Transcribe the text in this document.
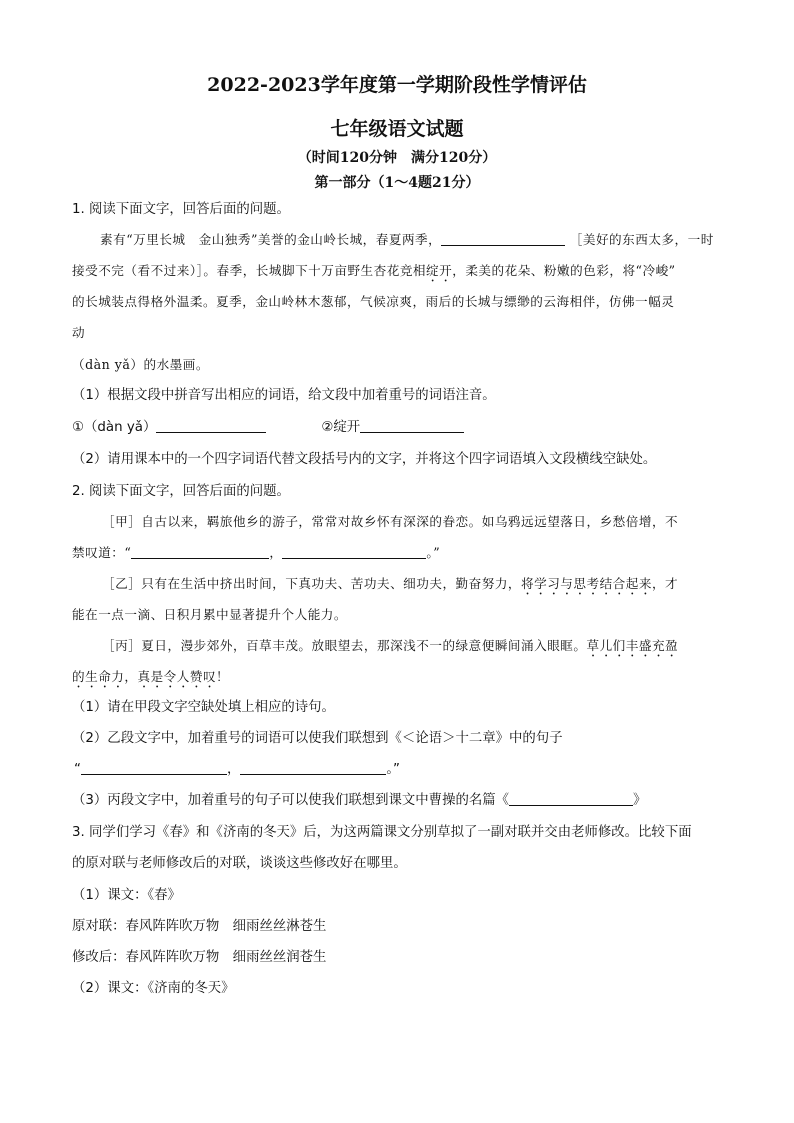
2022-2023学年度第一学期阶段性学情评估
七年级语文试题
（时间120分钟　满分120分）
第一部分（1～4题21分）
1. 阅读下面文字，回答后面的问题。
素有“万里长城　金山独秀”美誉的金山岭长城，春夏两季，	［美好的东西太多，一时
接受不完（看不过来）］。春季，长城脚下十万亩野生杏花竞相绽开，柔美的花朵、粉嫩的色彩，将“冷峻”
的长城装点得格外温柔。夏季，金山岭林木葱郁，气候凉爽，雨后的长城与缥缈的云海相伴，仿佛一幅灵
动
（dàn yǎ）的水墨画。
（1）根据文段中拼音写出相应的词语，给文段中加着重号的词语注音。
①（dàn yǎ）	②绽开
（2）请用课本中的一个四字词语代替文段括号内的文字，并将这个四字词语填入文段横线空缺处。
2. 阅读下面文字，回答后面的问题。
［甲］自古以来，羁旅他乡的游子，常常对故乡怀有深深的眷恋。如乌鸦远远望落日，乡愁倍增，不
禁叹道：“	，	。”
［乙］只有在生活中挤出时间，下真功夫、苦功夫、细功夫，勤奋努力，将学习与思考结合起来，才
能在一点一滴、日积月累中显著提升个人能力。
［丙］夏日，漫步郊外，百草丰茂。放眼望去，那深浅不一的绿意便瞬间涌入眼眶。草儿们丰盛充盈
的生命力，真是令人赞叹！
（1）请在甲段文字空缺处填上相应的诗句。
（2）乙段文字中，加着重号的词语可以使我们联想到《＜论语＞十二章》中的句子
“	，	。”
（3）丙段文字中，加着重号的句子可以使我们联想到课文中曹操的名篇《	》
3. 同学们学习《春》和《济南的冬天》后，为这两篇课文分别草拟了一副对联并交由老师修改。比较下面
的原对联与老师修改后的对联，谈谈这些修改好在哪里。
（1）课文：《春》
原对联：春风阵阵吹万物　细雨丝丝淋苍生
修改后：春风阵阵吹万物　细雨丝丝润苍生
（2）课文：《济南的冬天》
